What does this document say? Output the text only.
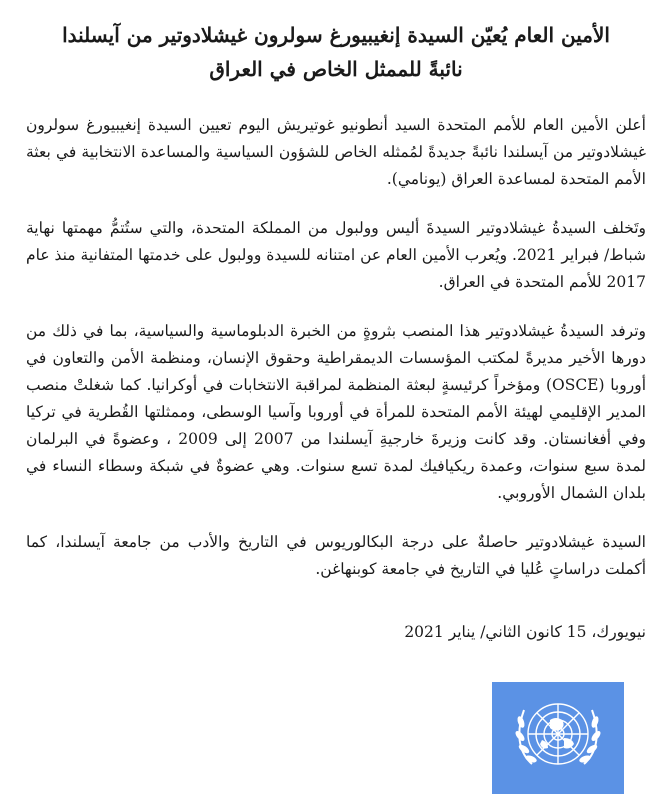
الأمين العام يُعيّن السيدة إنغيبيورغ سولرون غيشلادوتير من آيسلندا
نائبةً للممثل الخاص في العراق

أعلن الأمين العام للأمم المتحدة السيد أنطونيو غوتيريش اليوم تعيين السيدة إنغيبيورغ سولرون غيشلادوتير من آيسلندا نائبةً جديدةً لمُمثله الخاص للشؤون السياسية والمساعدة الانتخابية في بعثة الأمم المتحدة لمساعدة العراق (يونامي).

وتَخلف السيدةُ غيشلادوتير السيدةَ أليس وولبول من المملكة المتحدة، والتي ستُتمُّ مهمتها نهاية شباط/ فبراير 2021. ويُعرب الأمين العام عن امتنانه للسيدة وولبول على خدمتها المتفانية منذ عام 2017 للأمم المتحدة في العراق.

وترفد السيدةُ غيشلادوتير هذا المنصب بثروةٍ من الخبرة الدبلوماسية والسياسية، بما في ذلك من دورها الأخير مديرةً لمكتب المؤسسات الديمقراطية وحقوق الإنسان، ومنظمة الأمن والتعاون في أوروبا (OSCE) ومؤخراً كرئيسةٍ لبعثة المنظمة لمراقبة الانتخابات في أوكرانيا. كما شغلتْ منصب المدير الإقليمي لهيئة الأمم المتحدة للمرأة في أوروبا وآسيا الوسطى، وممثلتها القُطرية في تركيا وفي أفغانستان. وقد كانت وزيرةَ خارجيةِ آيسلندا من 2007 إلى 2009 ، وعضوةً في البرلمان لمدة سبع سنوات، وعمدة ريكيافيك لمدة تسع سنوات. وهي عضوةٌ في شبكة وسطاء النساء في بلدان الشمال الأوروبي.

السيدة غيشلادوتير حاصلةٌ على درجة البكالوريوس في التاريخ والأدب من جامعة آيسلندا، كما أكملت دراساتٍ عُليا في التاريخ في جامعة كوبنهاغن.

نيويورك، 15 كانون الثاني/ يناير 2021
